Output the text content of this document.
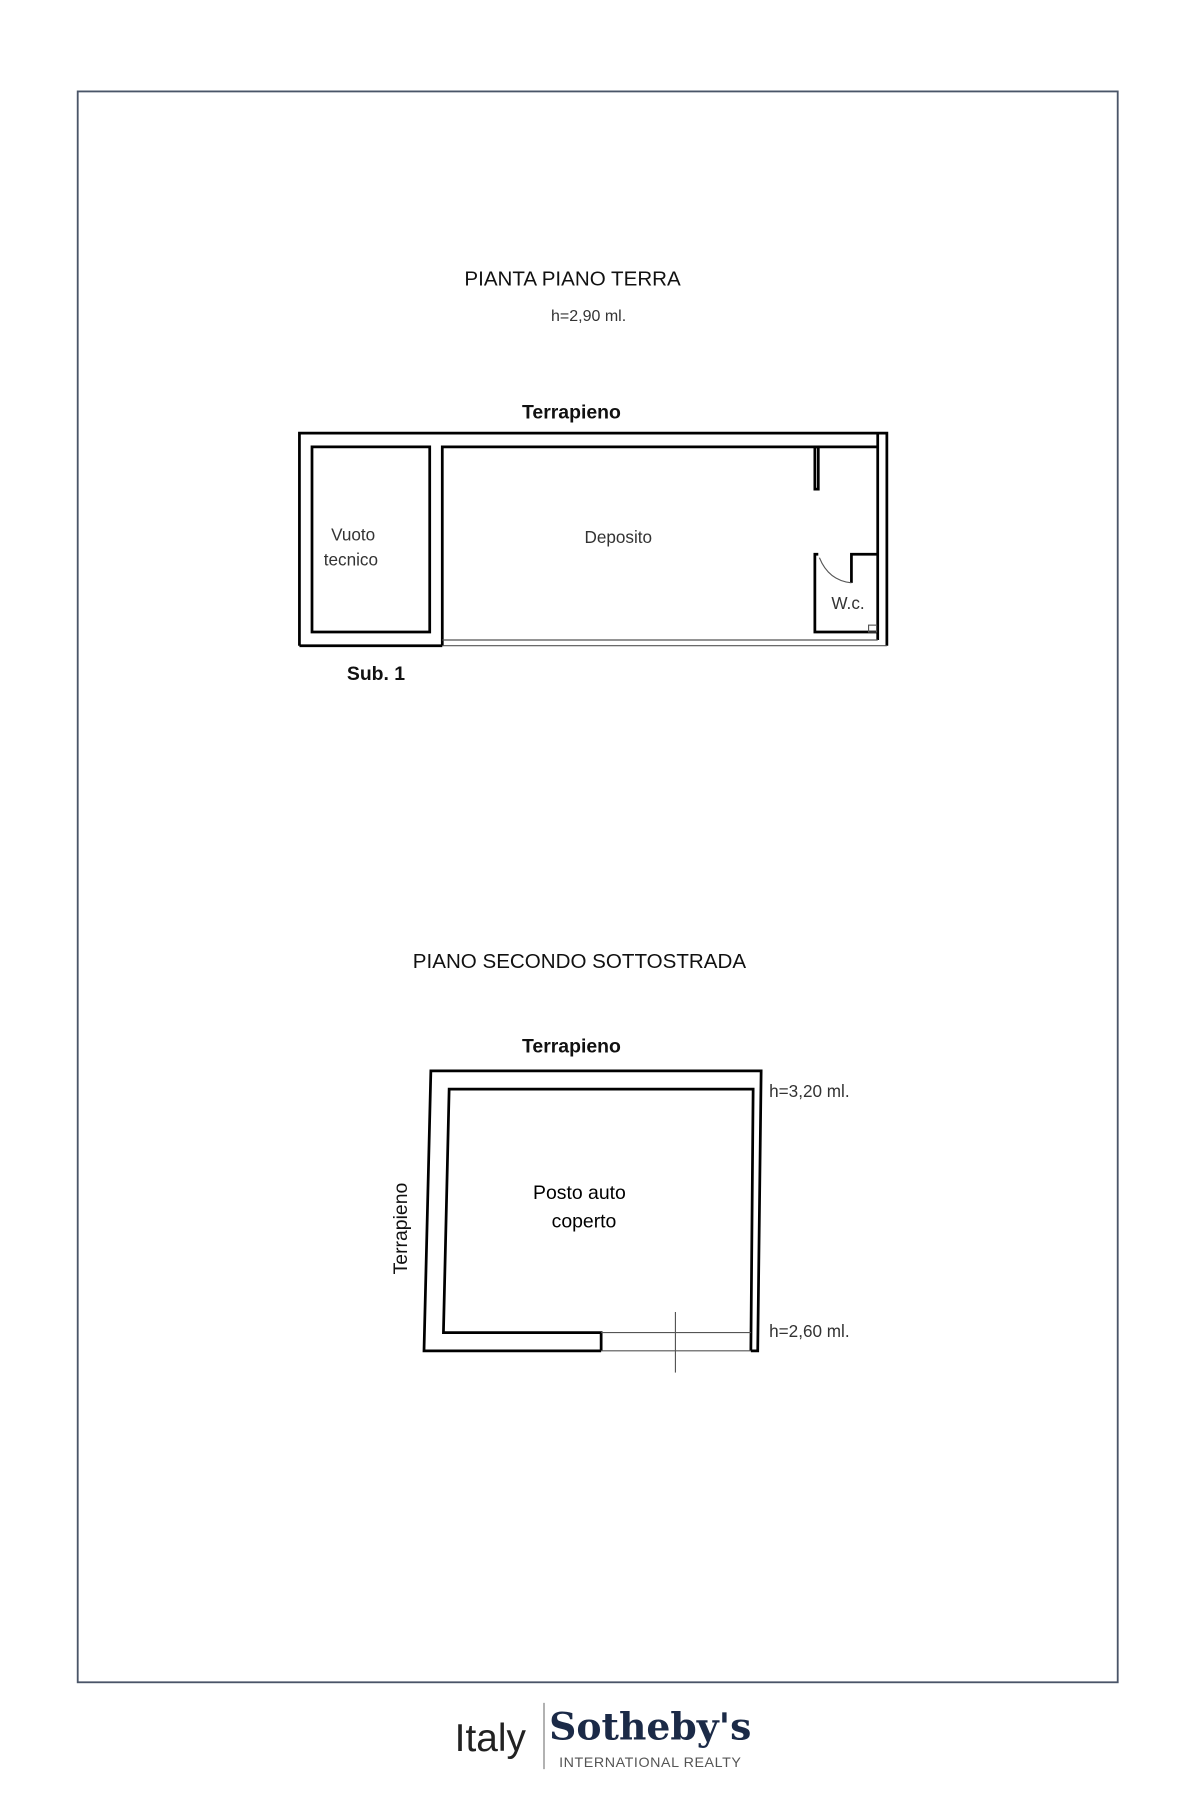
PIANTA PIANO TERRA
h=2,90 ml.
Terrapieno
Vuoto
tecnico
Deposito
W.c.
Sub. 1
PIANO SECONDO SOTTOSTRADA
Terrapieno
Terrapieno	Posto auto
coperto
h=3,20 ml.
h=2,60 ml.
Italy Sotheby's
INTERNATIONAL REALTY
